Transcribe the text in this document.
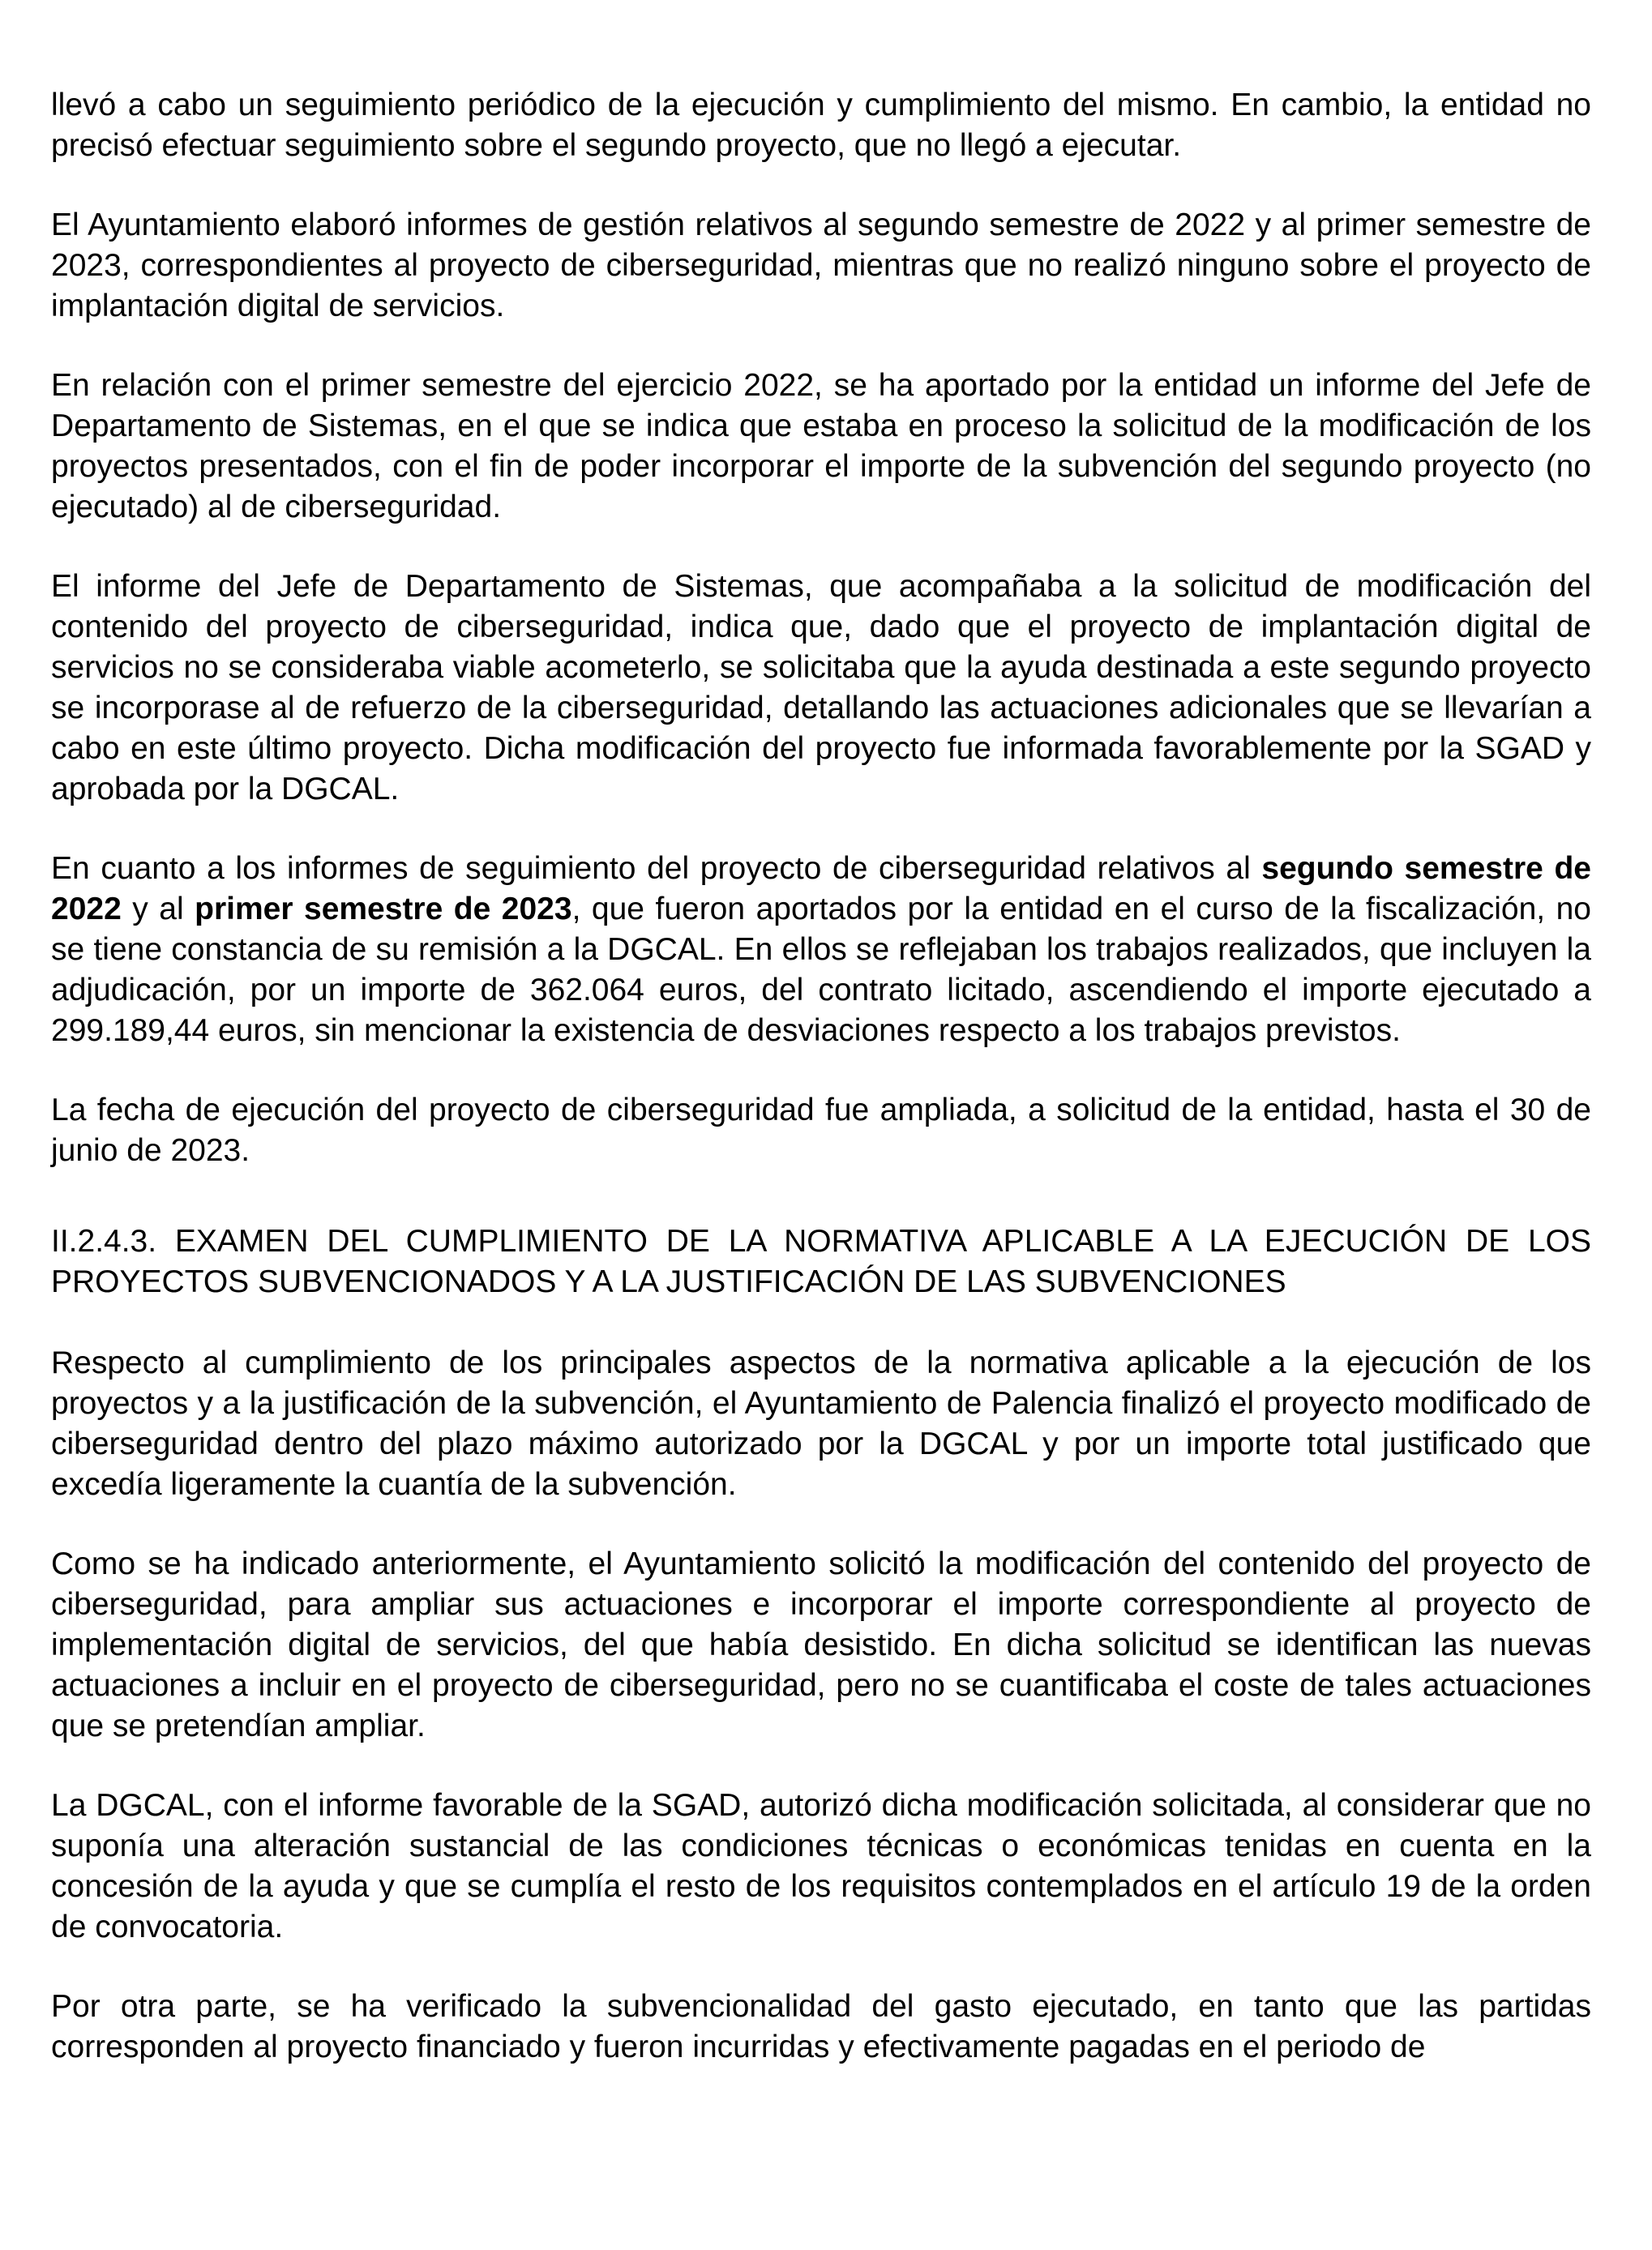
llevó a cabo un seguimiento periódico de la ejecución y cumplimiento del mismo. En cambio, la entidad no precisó efectuar seguimiento sobre el segundo proyecto, que no llegó a ejecutar.

El Ayuntamiento elaboró informes de gestión relativos al segundo semestre de 2022 y al primer semestre de 2023, correspondientes al proyecto de ciberseguridad, mientras que no realizó ninguno sobre el proyecto de implantación digital de servicios.

En relación con el primer semestre del ejercicio 2022, se ha aportado por la entidad un informe del Jefe de Departamento de Sistemas, en el que se indica que estaba en proceso la solicitud de la modificación de los proyectos presentados, con el fin de poder incorporar el importe de la subvención del segundo proyecto (no ejecutado) al de ciberseguridad.

El informe del Jefe de Departamento de Sistemas, que acompañaba a la solicitud de modificación del contenido del proyecto de ciberseguridad, indica que, dado que el proyecto de implantación digital de servicios no se consideraba viable acometerlo, se solicitaba que la ayuda destinada a este segundo proyecto se incorporase al de refuerzo de la ciberseguridad, detallando las actuaciones adicionales que se llevarían a cabo en este último proyecto. Dicha modificación del proyecto fue informada favorablemente por la SGAD y aprobada por la DGCAL.

En cuanto a los informes de seguimiento del proyecto de ciberseguridad relativos al segundo semestre de 2022 y al primer semestre de 2023, que fueron aportados por la entidad en el curso de la fiscalización, no se tiene constancia de su remisión a la DGCAL. En ellos se reflejaban los trabajos realizados, que incluyen la adjudicación, por un importe de 362.064 euros, del contrato licitado, ascendiendo el importe ejecutado a 299.189,44 euros, sin mencionar la existencia de desviaciones respecto a los trabajos previstos.

La fecha de ejecución del proyecto de ciberseguridad fue ampliada, a solicitud de la entidad, hasta el 30 de junio de 2023.

II.2.4.3. EXAMEN DEL CUMPLIMIENTO DE LA NORMATIVA APLICABLE A LA EJECUCIÓN DE LOS PROYECTOS SUBVENCIONADOS Y A LA JUSTIFICACIÓN DE LAS SUBVENCIONES

Respecto al cumplimiento de los principales aspectos de la normativa aplicable a la ejecución de los proyectos y a la justificación de la subvención, el Ayuntamiento de Palencia finalizó el proyecto modificado de ciberseguridad dentro del plazo máximo autorizado por la DGCAL y por un importe total justificado que excedía ligeramente la cuantía de la subvención.

Como se ha indicado anteriormente, el Ayuntamiento solicitó la modificación del contenido del proyecto de ciberseguridad, para ampliar sus actuaciones e incorporar el importe correspondiente al proyecto de implementación digital de servicios, del que había desistido. En dicha solicitud se identifican las nuevas actuaciones a incluir en el proyecto de ciberseguridad, pero no se cuantificaba el coste de tales actuaciones que se pretendían ampliar.

La DGCAL, con el informe favorable de la SGAD, autorizó dicha modificación solicitada, al considerar que no suponía una alteración sustancial de las condiciones técnicas o económicas tenidas en cuenta en la concesión de la ayuda y que se cumplía el resto de los requisitos contemplados en el artículo 19 de la orden de convocatoria.

Por otra parte, se ha verificado la subvencionalidad del gasto ejecutado, en tanto que las partidas corresponden al proyecto financiado y fueron incurridas y efectivamente pagadas en el periodo de
